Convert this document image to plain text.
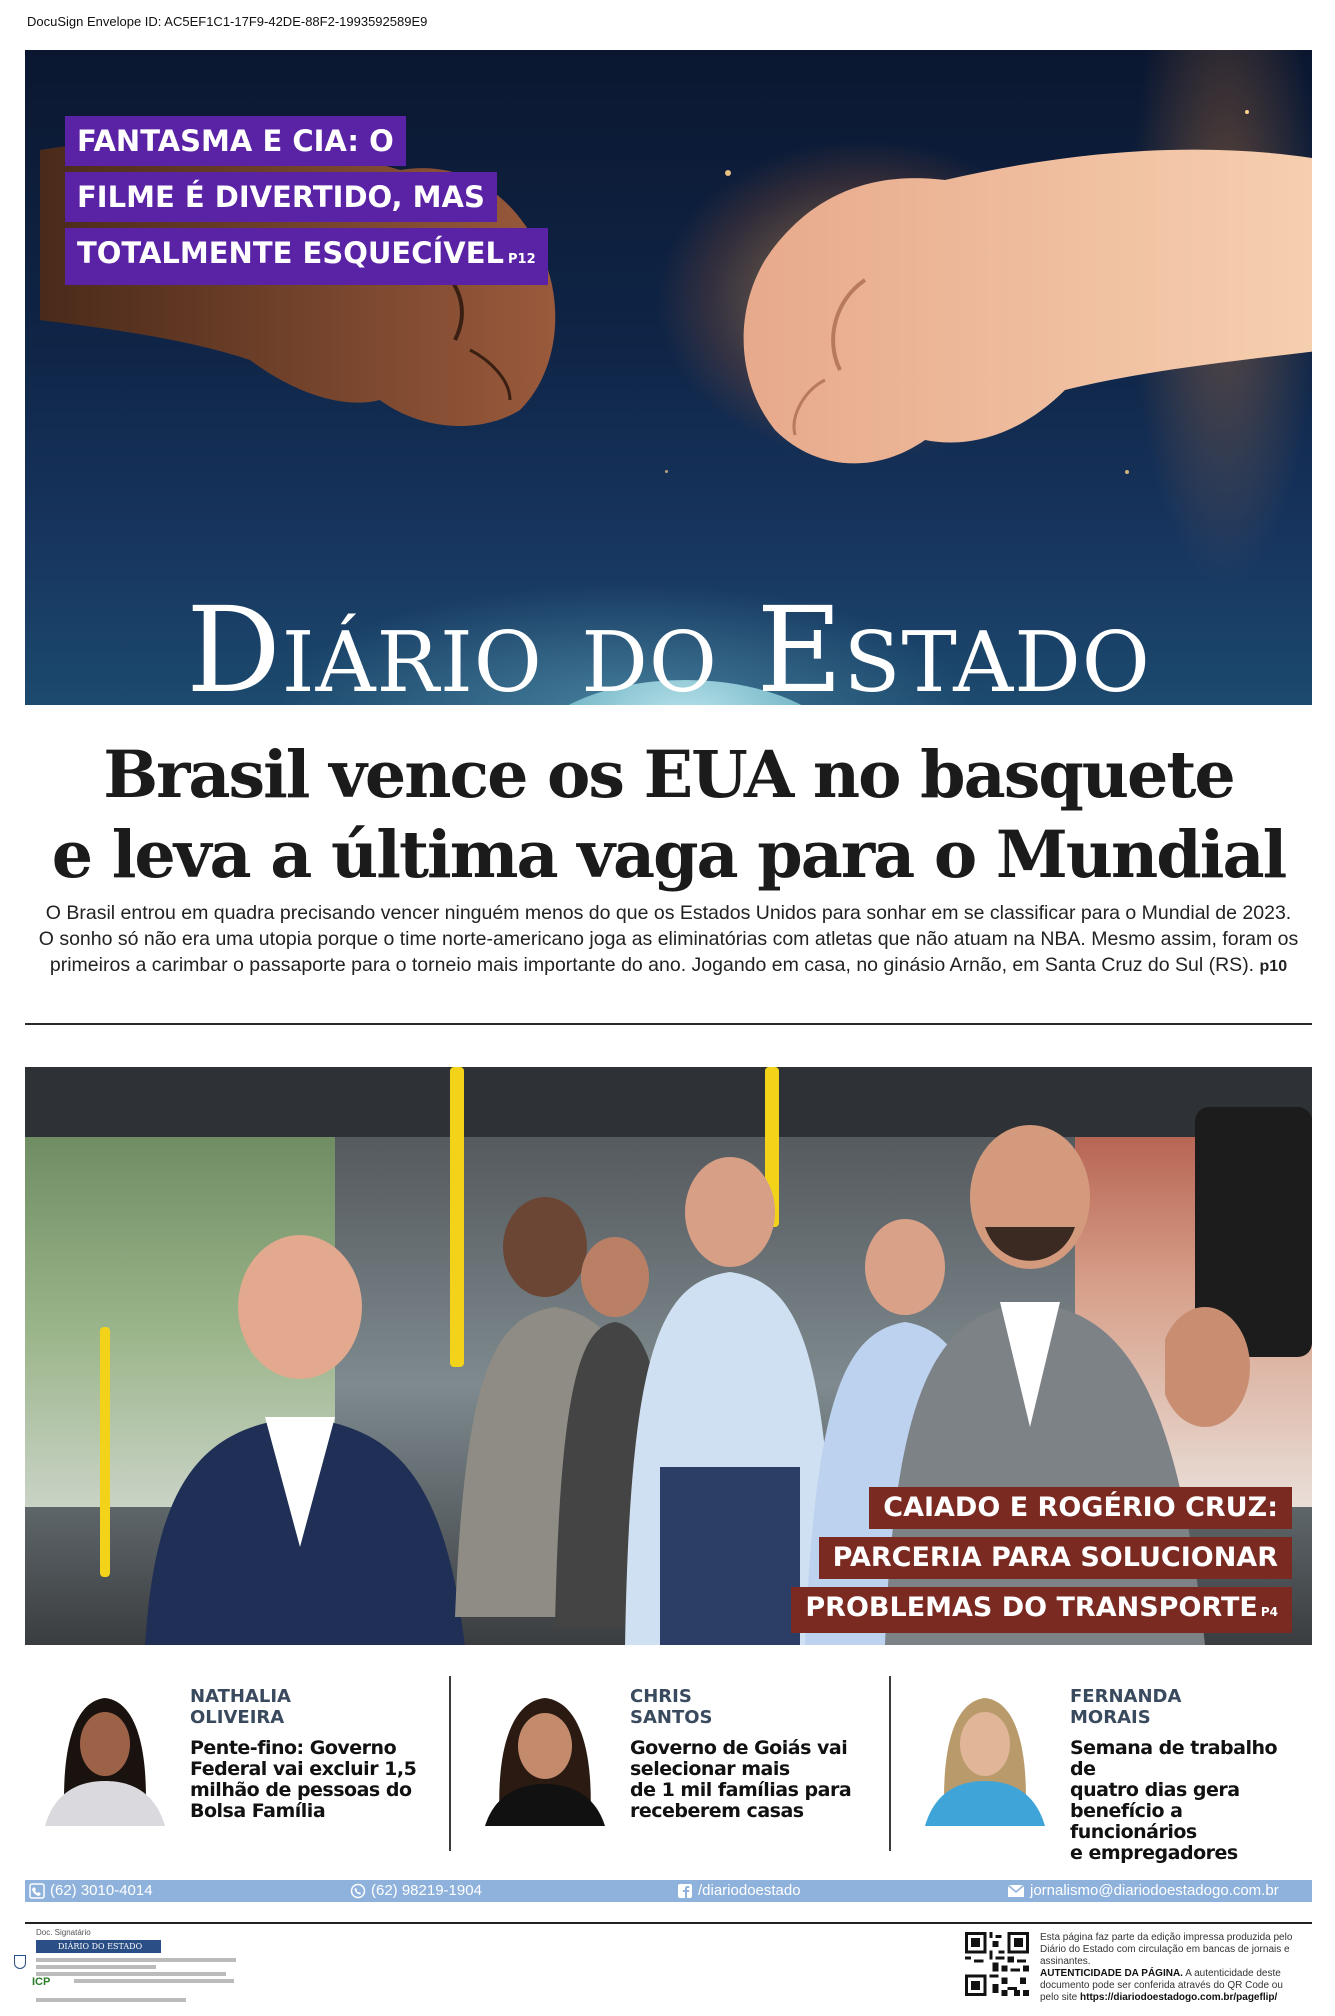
DocuSign Envelope ID: AC5EF1C1-17F9-42DE-88F2-1993592589E9
FANTASMA E CIA: O
FILME É DIVERTIDO, MAS
TOTALMENTE ESQUECÍVEL P12
Diário do Estado
Brasil vence os EUA no basquete
e leva a última vaga para o Mundial
O Brasil entrou em quadra precisando vencer ninguém menos do que os Estados Unidos para sonhar em se classificar para o Mundial de 2023.
O sonho só não era uma utopia porque o time norte-americano joga as eliminatórias com atletas que não atuam na NBA. Mesmo assim, foram os
primeiros a carimbar o passaporte para o torneio mais importante do ano. Jogando em casa, no ginásio Arnão, em Santa Cruz do Sul (RS). p10
CAIADO E ROGÉRIO CRUZ:
PARCERIA PARA SOLUCIONAR
PROBLEMAS DO TRANSPORTE P4
NATHALIA
OLIVEIRA
Pente-fino: Governo
Federal vai excluir 1,5
milhão de pessoas do
Bolsa Família
CHRIS
SANTOS
Governo de Goiás vai
selecionar mais
de 1 mil famílias para
receberem casas
FERNANDA
MORAIS
Semana de trabalho de
quatro dias gera
benefício a funcionários
e empregadores
(62) 3010-4014	(62) 98219-1904	/diariodoestado	jornalismo@diariodoestadogo.com.br
Doc. Signatário
DIÁRIO DO ESTADO
ICP
Esta página faz parte da edição impressa produzida pelo
Diário do Estado com circulação em bancas de jornais e
assinantes.
AUTENTICIDADE DA PÁGINA. A autenticidade deste
documento pode ser conferida através do QR Code ou
pelo site https://diariodoestadogo.com.br/pageflip/
